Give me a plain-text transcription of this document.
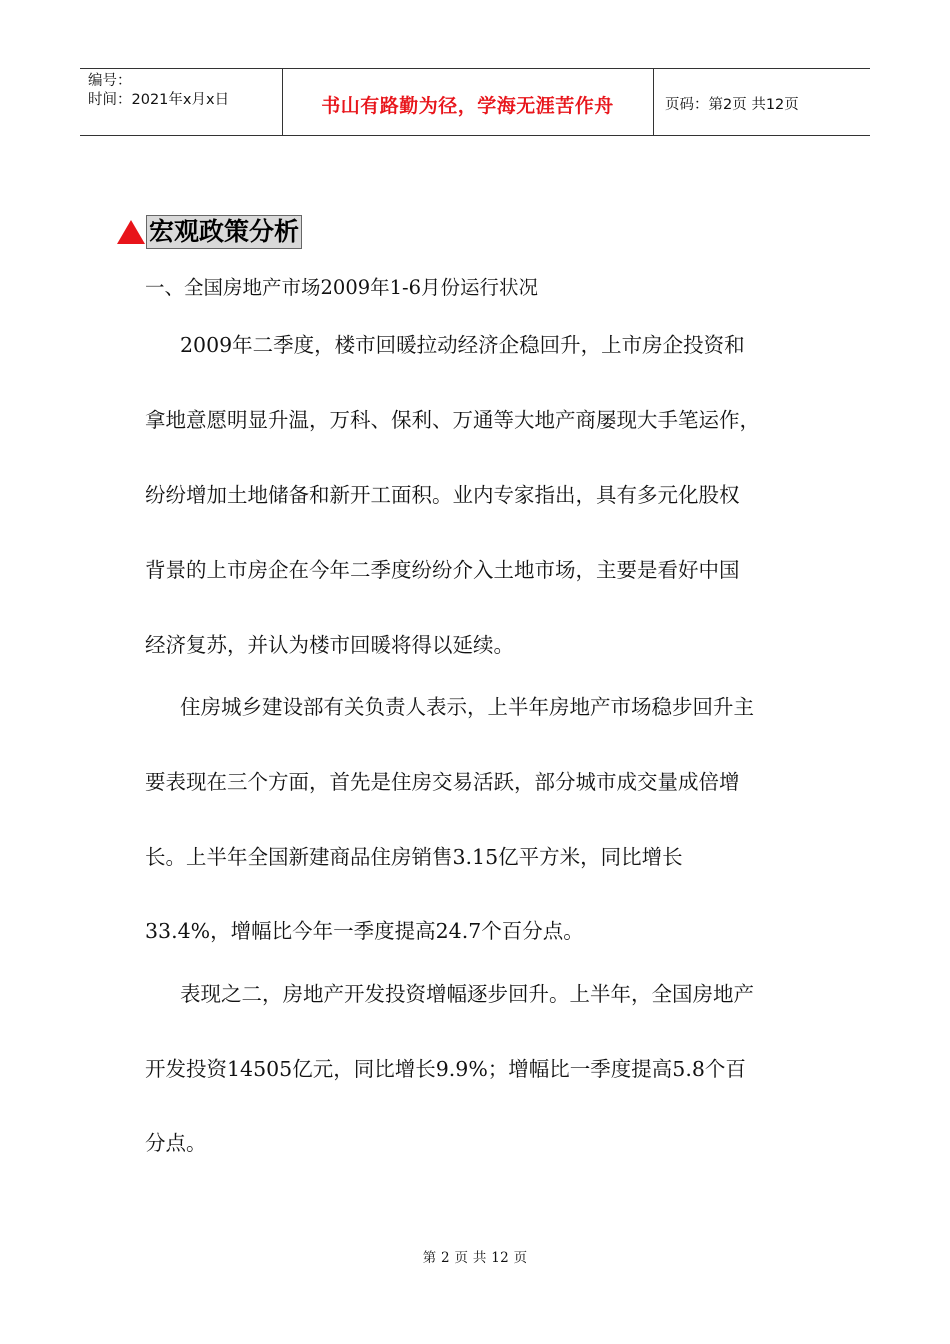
编号：
时间：2021年x月x日	书山有路勤为径，学海无涯苦作舟	页码：第2页 共12页
宏观政策分析
一、全国房地产市场2009年1-6月份运行状况
2009年二季度，楼市回暖拉动经济企稳回升，上市房企投资和
拿地意愿明显升温，万科、保利、万通等大地产商屡现大手笔运作，
纷纷增加土地储备和新开工面积。业内专家指出，具有多元化股权
背景的上市房企在今年二季度纷纷介入土地市场，主要是看好中国
经济复苏，并认为楼市回暖将得以延续。
住房城乡建设部有关负责人表示，上半年房地产市场稳步回升主
要表现在三个方面，首先是住房交易活跃，部分城市成交量成倍增
长。上半年全国新建商品住房销售3.15亿平方米，同比增长
33.4%，增幅比今年一季度提高24.7个百分点。
表现之二，房地产开发投资增幅逐步回升。上半年，全国房地产
开发投资14505亿元，同比增长9.9%；增幅比一季度提高5.8个百
分点。
第 2 页 共 12 页
